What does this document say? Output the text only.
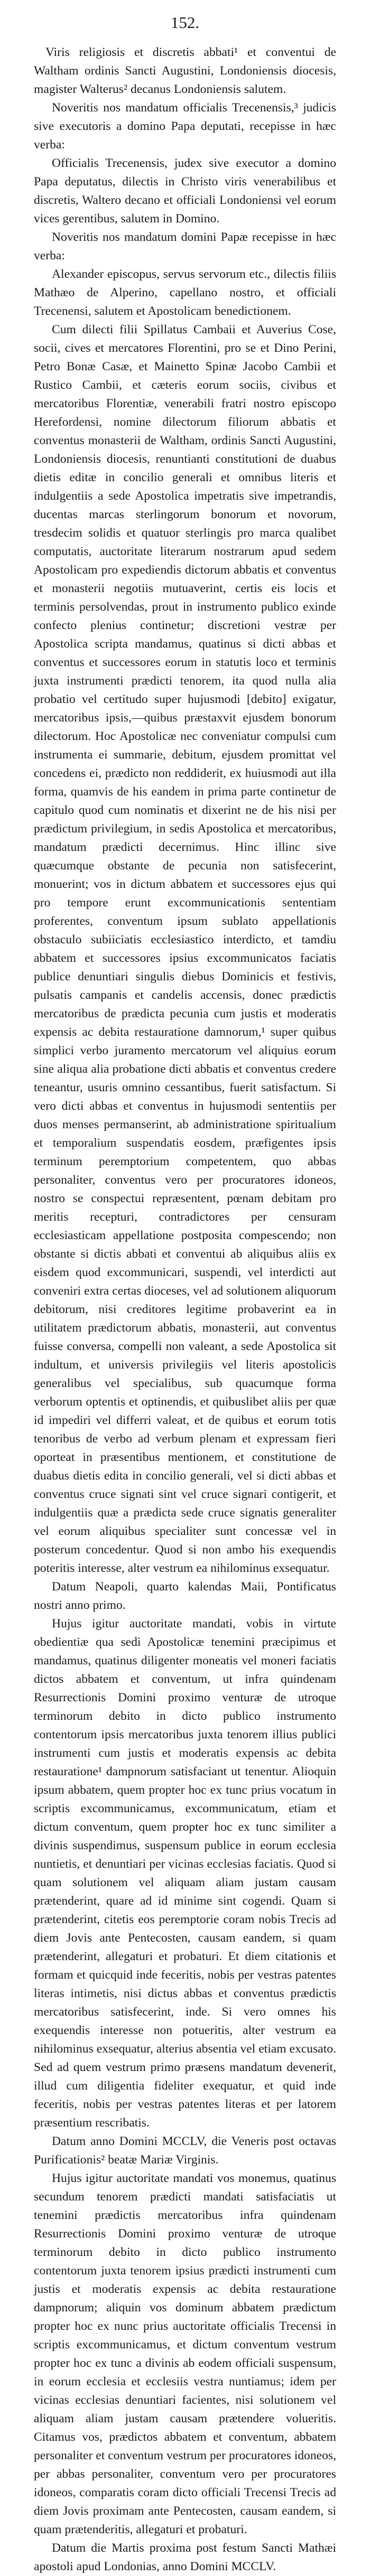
152.

Viris religiosis et discretis abbati¹ et conventui de Waltham ordinis Sancti Augustini, Londoniensis diocesis, magister Walterus² decanus Londoniensis salutem.

Noveritis nos mandatum officialis Trecenensis,³ judicis sive executoris a domino Papa deputati, recepisse in hæc verba:

Officialis Trecenensis, judex sive executor a domino Papa deputatus, dilectis in Christo viris venerabilibus et discretis, Waltero decano et officiali Londoniensi vel eorum vices gerentibus, salutem in Domino.

Noveritis nos mandatum domini Papæ recepisse in hæc verba:

Alexander episcopus, servus servorum etc., dilectis filiis Mathæo de Alperino, capellano nostro, et officiali Trecenensi, salutem et Apostolicam benedictionem.

Cum dilecti filii Spillatus Cambaii et Auverius Cose, socii, cives et mercatores Florentini, pro se et Dino Perini, Petro Bonæ Casæ, et Mainetto Spinæ Jacobo Cambii et Rustico Cambii, et cæteris eorum sociis, civibus et mercatoribus Florentiæ, venerabili fratri nostro episcopo Herefordensi, nomine dilectorum filiorum abbatis et conventus monasterii de Waltham, ordinis Sancti Augustini, Londoniensis diocesis, renuntianti constitutioni de duabus dietis editæ in concilio generali et omnibus literis et indulgentiis a sede Apostolica impetratis sive impetrandis, ducentas marcas sterlingorum bonorum et novorum, tresdecim solidis et quatuor sterlingis pro marca qualibet computatis, auctoritate literarum nostrarum apud sedem Apostolicam pro expediendis dictorum abbatis et conventus et monasterii negotiis mutuaverint, certis eis locis et terminis persolvendas, prout in instrumento publico exinde confecto plenius continetur; discretioni vestræ per Apostolica scripta mandamus, quatinus si dicti abbas et conventus et successores eorum in statutis loco et terminis juxta instrumenti prædicti tenorem, ita quod nulla alia probatio vel certitudo super hujusmodi [debito] exigatur, mercatoribus ipsis,—quibus præstaxvit ejusdem bonorum dilectorum. Hoc Apostolicæ nec conveniatur compulsi cum instrumenta ei summarie, debitum, ejusdem promittat vel concedens ei, prædicto non reddiderit, ex huiusmodi aut illa forma, quamvis de his eandem in prima parte continetur de capitulo quod cum nominatis et dixerint ne de his nisi per prædictum privilegium, in sedis Apostolica et mercatoribus, mandatum prædicti decernimus. Hinc illinc sive quæcumque obstante de pecunia non satisfecerint, monuerint; vos in dictum abbatem et successores ejus qui pro tempore erunt excommunicationis sententiam proferentes, conventum ipsum sublato appellationis obstaculo subiiciatis ecclesiastico interdicto, et tamdiu abbatem et successores ipsius excommunicatos faciatis publice denuntiari singulis diebus Dominicis et festivis, pulsatis campanis et candelis accensis, donec prædictis mercatoribus de prædicta pecunia cum justis et moderatis expensis ac debita restauratione damnorum,¹ super quibus simplici verbo juramento mercatorum vel aliquius eorum sine aliqua alia probatione dicti abbatis et conventus credere teneantur, usuris omnino cessantibus, fuerit satisfactum. Si vero dicti abbas et conventus in hujusmodi sententiis per duos menses permanserint, ab administratione spiritualium et temporalium suspendatis eosdem, præfigentes ipsis terminum peremptorium competentem, quo abbas personaliter, conventus vero per procuratores idoneos, nostro se conspectui repræsentent, pœnam debitam pro meritis recepturi, contradictores per censuram ecclesiasticam appellatione postposita compescendo; non obstante si dictis abbati et conventui ab aliquibus aliis ex eisdem quod excommunicari, suspendi, vel interdicti aut conveniri extra certas dioceses, vel ad solutionem aliquorum debitorum, nisi creditores legitime probaverint ea in utilitatem prædictorum abbatis, monasterii, aut conventus fuisse conversa, compelli non valeant, a sede Apostolica sit indultum, et universis privilegiis vel literis apostolicis generalibus vel specialibus, sub quacumque forma verborum optentis et optinendis, et quibuslibet aliis per quæ id impediri vel differri valeat, et de quibus et eorum totis tenoribus de verbo ad verbum plenam et expressam fieri oporteat in præsentibus mentionem, et constitutione de duabus dietis edita in concilio generali, vel si dicti abbas et conventus cruce signati sint vel cruce signari contigerit, et indulgentiis quæ a prædicta sede cruce signatis generaliter vel eorum aliquibus specialiter sunt concessæ vel in posterum concedentur. Quod si non ambo his exequendis poteritis interesse, alter vestrum ea nihilominus exsequatur.

Datum Neapoli, quarto kalendas Maii, Pontificatus nostri anno primo.

Hujus igitur auctoritate mandati, vobis in virtute obedientiæ qua sedi Apostolicæ tenemini præcipimus et mandamus, quatinus diligenter moneatis vel moneri faciatis dictos abbatem et conventum, ut infra quindenam Resurrectionis Domini proximo venturæ de utroque terminorum debito in dicto publico instrumento contentorum ipsis mercatoribus juxta tenorem illius publici instrumenti cum justis et moderatis expensis ac debita restauratione¹ dampnorum satisfaciant ut tenentur. Alioquin ipsum abbatem, quem propter hoc ex tunc prius vocatum in scriptis excommunicamus, excommunicatum, etiam et dictum conventum, quem propter hoc ex tunc similiter a divinis suspendimus, suspensum publice in eorum ecclesia nuntietis, et denuntiari per vicinas ecclesias faciatis. Quod si quam solutionem vel aliquam aliam justam causam prætenderint, quare ad id minime sint cogendi. Quam si prætenderint, citetis eos peremptorie coram nobis Trecis ad diem Jovis ante Pentecosten, causam eandem, si quam prætenderint, allegaturi et probaturi. Et diem citationis et formam et quicquid inde feceritis, nobis per vestras patentes literas intimetis, nisi dictus abbas et conventus prædictis mercatoribus satisfecerint, inde. Si vero omnes his exequendis interesse non potueritis, alter vestrum ea nihilominus exsequatur, alterius absentia vel etiam excusato. Sed ad quem vestrum primo præsens mandatum devenerit, illud cum diligentia fideliter exequatur, et quid inde feceritis, nobis per vestras patentes literas et per latorem præsentium rescribatis.

Datum anno Domini MCCLV, die Veneris post octavas Purificationis² beatæ Mariæ Virginis.

Hujus igitur auctoritate mandati vos monemus, quatinus secundum tenorem prædicti mandati satisfaciatis ut tenemini prædictis mercatoribus infra quindenam Resurrectionis Domini proximo venturæ de utroque terminorum debito in dicto publico instrumento contentorum juxta tenorem ipsius prædicti instrumenti cum justis et moderatis expensis ac debita restauratione dampnorum; aliquin vos dominum abbatem prædictum propter hoc ex nunc prius auctoritate officialis Trecensi in scriptis excommunicamus, et dictum conventum vestrum propter hoc ex tunc a divinis ab eodem officiali suspensum, in eorum ecclesia et ecclesiis vestra nuntiamus; idem per vicinas ecclesias denuntiari facientes, nisi solutionem vel aliquam aliam justam causam prætendere volueritis. Citamus vos, prædictos abbatem et conventum, abbatem personaliter et conventum vestrum per procuratores idoneos, per abbas personaliter, conventum vero per procuratores idoneos, comparatis coram dicto officiali Trecensi Trecis ad diem Jovis proximam ante Pentecosten, causam eandem, si quam prætenderitis, allegaturi et probaturi.

Datum die Martis proxima post festum Sancti Mathæi apostoli apud Londonias, anno Domini MCCLV.
